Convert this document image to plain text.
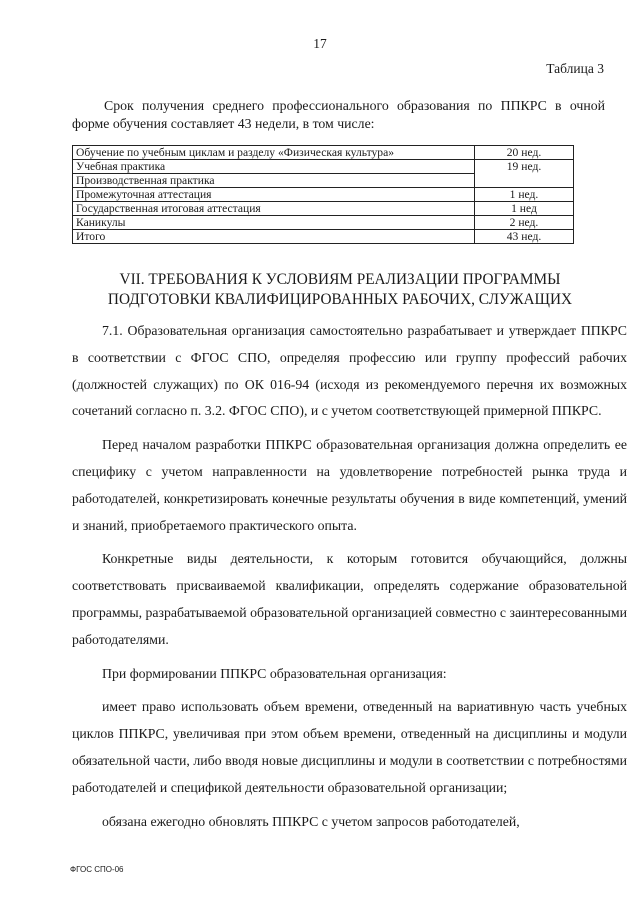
17
Таблица 3

Срок получения среднего профессионального образования по ППКРС в очной форме обучения составляет 43 недели, в том числе:

Обучение по учебным циклам и разделу «Физическая культура»	20 нед.
Учебная практика	19 нед.
Производственная практика	
Промежуточная аттестация	1 нед.
Государственная итоговая аттестация	1 нед
Каникулы	2 нед.
Итого	43 нед.
VII. ТРЕБОВАНИЯ К УСЛОВИЯМ РЕАЛИЗАЦИИ ПРОГРАММЫ
ПОДГОТОВКИ КВАЛИФИЦИРОВАННЫХ РАБОЧИХ, СЛУЖАЩИХ

7.1. Образовательная организация самостоятельно разрабатывает и утверждает ППКРС в соответствии с ФГОС СПО, определяя профессию или группу профессий рабочих (должностей служащих) по ОК 016-94 (исходя из рекомендуемого перечня их возможных сочетаний согласно п. 3.2. ФГОС СПО), и с учетом соответствующей примерной ППКРС.

Перед началом разработки ППКРС образовательная организация должна определить ее специфику с учетом направленности на удовлетворение потребностей рынка труда и работодателей, конкретизировать конечные результаты обучения в виде компетенций, умений и знаний, приобретаемого практического опыта.

Конкретные виды деятельности, к которым готовится обучающийся, должны соответствовать присваиваемой квалификации, определять содержание образовательной программы, разрабатываемой образовательной организацией совместно с заинтересованными работодателями.

При формировании ППКРС образовательная организация:

имеет право использовать объем времени, отведенный на вариативную часть учебных циклов ППКРС, увеличивая при этом объем времени, отведенный на дисциплины и модули обязательной части, либо вводя новые дисциплины и модули в соответствии с потребностями работодателей и спецификой деятельности образовательной организации;

обязана ежегодно обновлять ППКРС с учетом запросов работодателей,

ФГОС СПО-06
